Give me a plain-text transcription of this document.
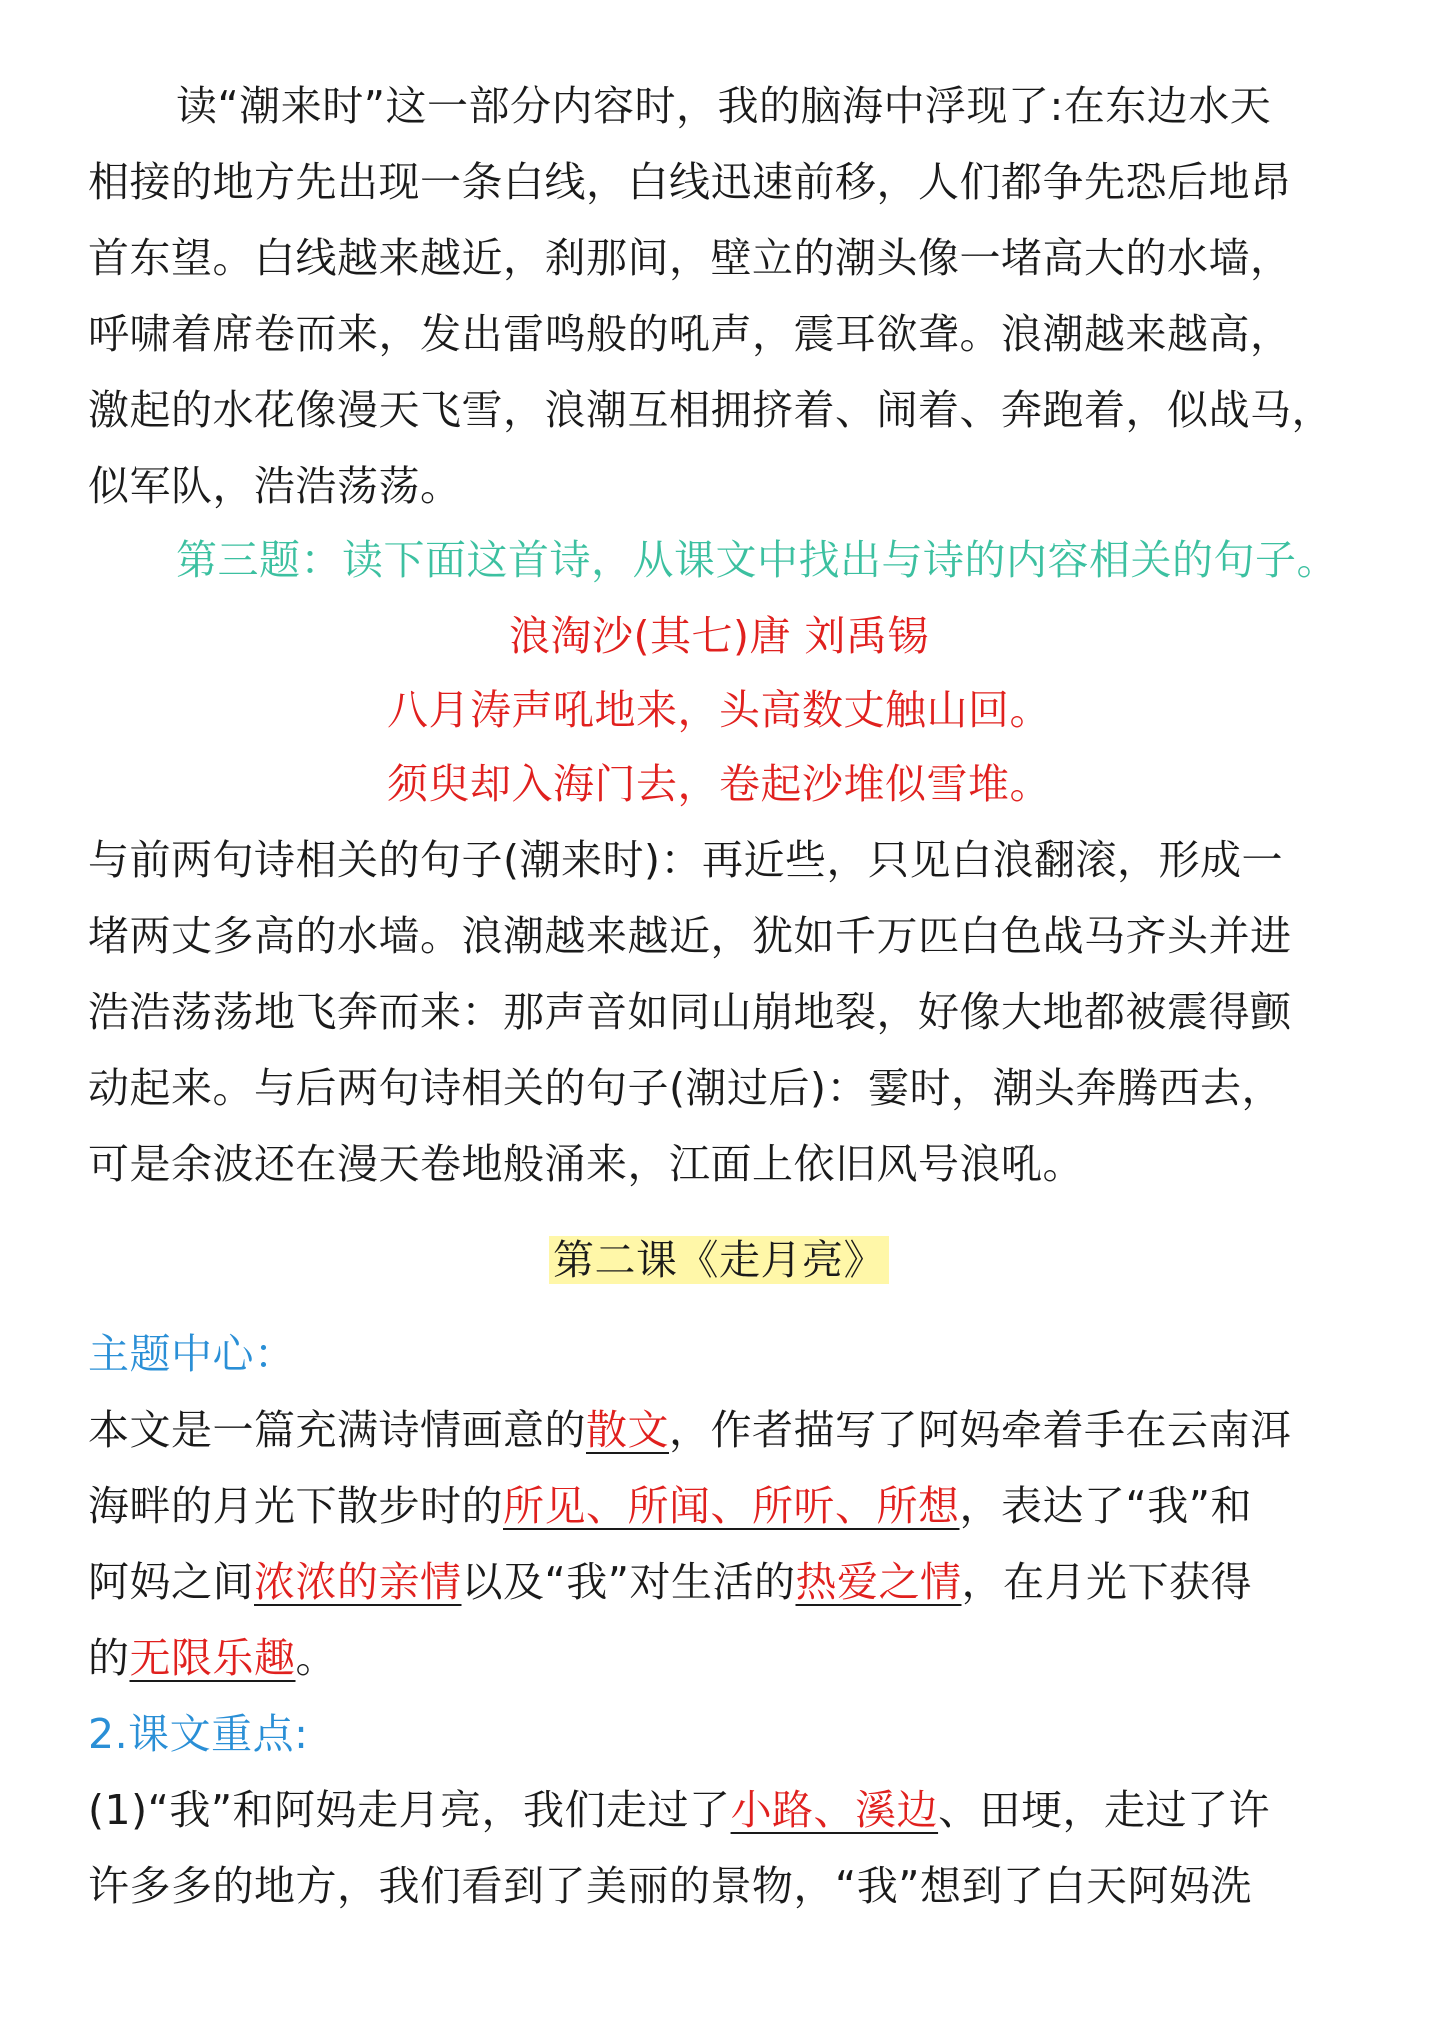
读“潮来时”这一部分内容时，我的脑海中浮现了:在东边水天
相接的地方先出现一条白线，白线迅速前移，人们都争先恐后地昂
首东望。白线越来越近，刹那间，壁立的潮头像一堵高大的水墙，
呼啸着席卷而来，发出雷鸣般的吼声，震耳欲聋。浪潮越来越高，
激起的水花像漫天飞雪，浪潮互相拥挤着、闹着、奔跑着，似战马，
似军队，浩浩荡荡。
第三题：读下面这首诗，从课文中找出与诗的内容相关的句子。
浪淘沙(其七)唐 刘禹锡
八月涛声吼地来，头高数丈触山回。
须臾却入海门去，卷起沙堆似雪堆。
与前两句诗相关的句子(潮来时)：再近些，只见白浪翻滚，形成一
堵两丈多高的水墙。浪潮越来越近，犹如千万匹白色战马齐头并进
浩浩荡荡地飞奔而来：那声音如同山崩地裂，好像大地都被震得颤
动起来。与后两句诗相关的句子(潮过后)：霎时，潮头奔腾西去，
可是余波还在漫天卷地般涌来，江面上依旧风号浪吼。
第二课《走月亮》
主题中心：
本文是一篇充满诗情画意的散文，作者描写了阿妈牵着手在云南洱
海畔的月光下散步时的所见、所闻、所听、所想，表达了“我”和
阿妈之间浓浓的亲情以及“我”对生活的热爱之情，在月光下获得
的无限乐趣。
2.课文重点:
(1)“我”和阿妈走月亮，我们走过了小路、溪边、田埂，走过了许
许多多的地方，我们看到了美丽的景物，“我”想到了白天阿妈洗
